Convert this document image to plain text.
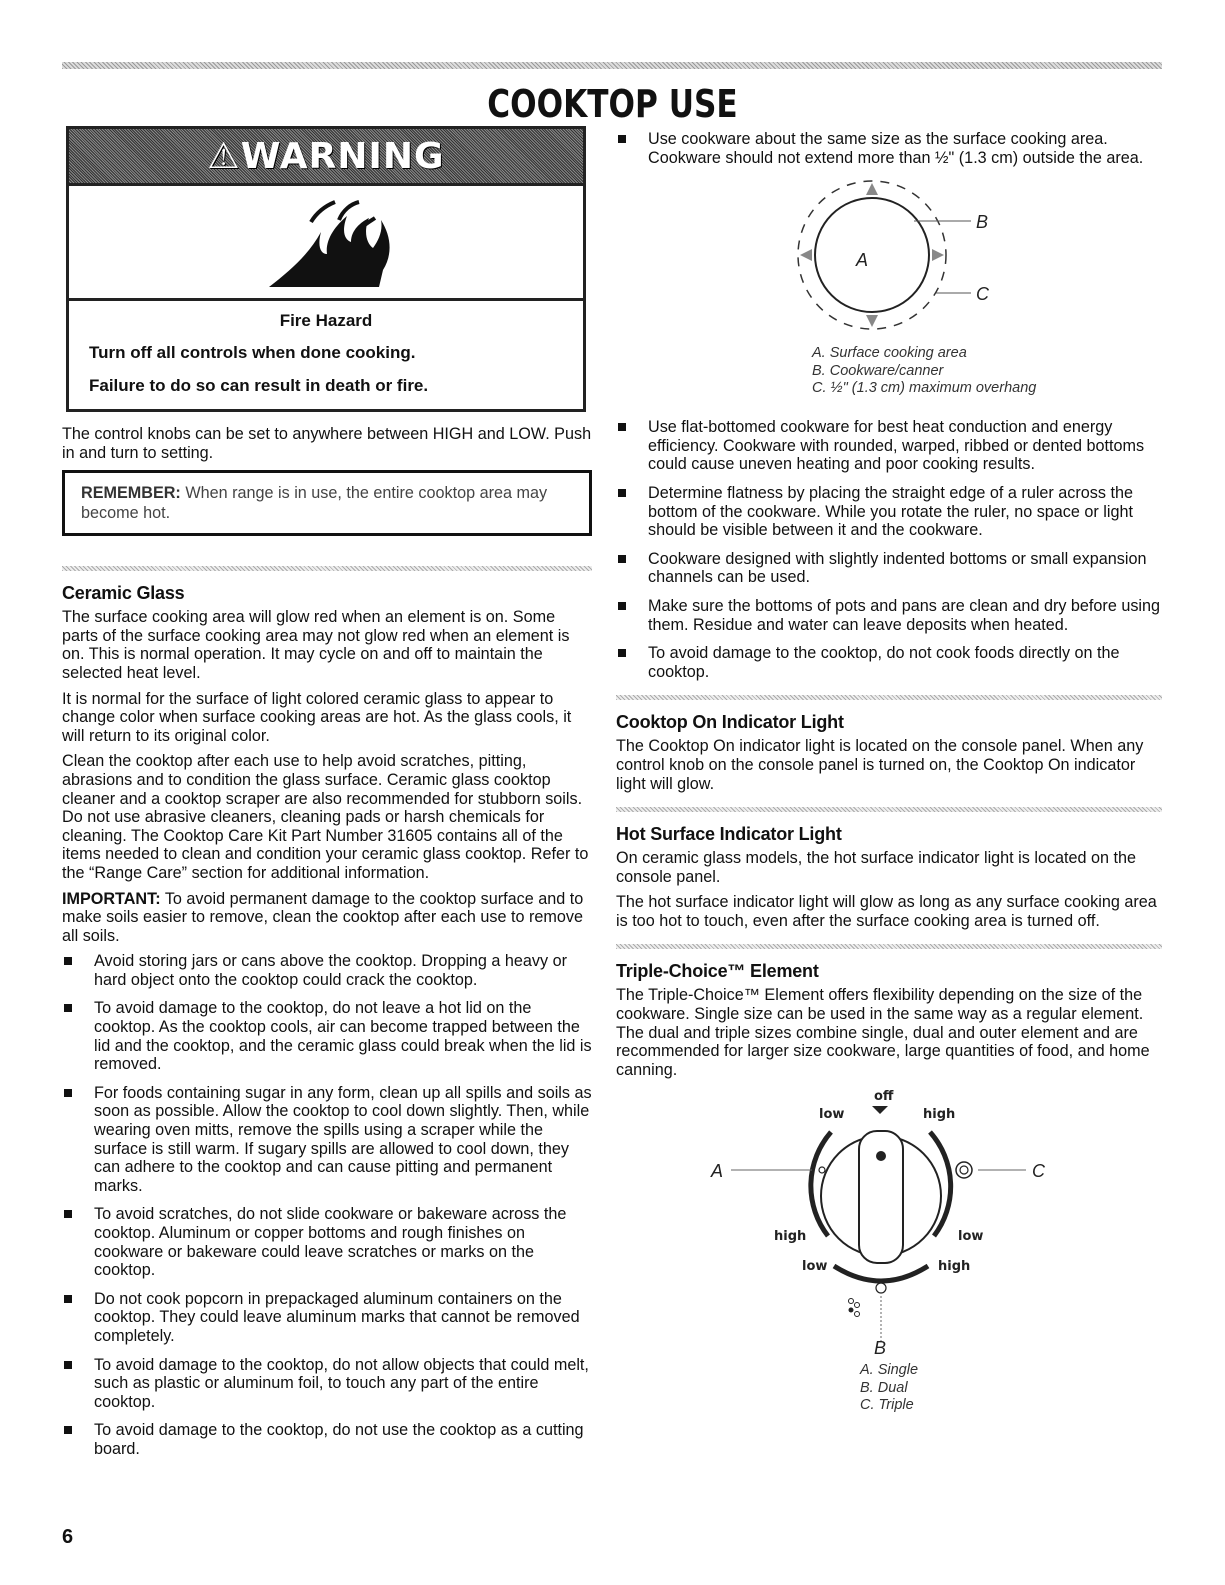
COOKTOP USE
⚠WARNING
Fire Hazard
Turn off all controls when done cooking.
Failure to do so can result in death or fire.

The control knobs can be set to anywhere between HIGH and LOW. Push in and turn to setting.

REMEMBER: When range is in use, the entire cooktop area may become hot.
Ceramic Glass

The surface cooking area will glow red when an element is on. Some parts of the surface cooking area may not glow red when an element is on. This is normal operation. It may cycle on and off to maintain the selected heat level.

It is normal for the surface of light colored ceramic glass to appear to change color when surface cooking areas are hot. As the glass cools, it will return to its original color.

Clean the cooktop after each use to help avoid scratches, pitting, abrasions and to condition the glass surface. Ceramic glass cooktop cleaner and a cooktop scraper are also recommended for stubborn soils. Do not use abrasive cleaners, cleaning pads or harsh chemicals for cleaning. The Cooktop Care Kit Part Number 31605 contains all of the items needed to clean and condition your ceramic glass cooktop. Refer to the “Range Care” section for additional information.

IMPORTANT: To avoid permanent damage to the cooktop surface and to make soils easier to remove, clean the cooktop after each use to remove all soils.

Avoid storing jars or cans above the cooktop. Dropping a heavy or hard object onto the cooktop could crack the cooktop.
To avoid damage to the cooktop, do not leave a hot lid on the cooktop. As the cooktop cools, air can become trapped between the lid and the cooktop, and the ceramic glass could break when the lid is removed.
For foods containing sugar in any form, clean up all spills and soils as soon as possible. Allow the cooktop to cool down slightly. Then, while wearing oven mitts, remove the spills using a scraper while the surface is still warm. If sugary spills are allowed to cool down, they can adhere to the cooktop and can cause pitting and permanent marks.
To avoid scratches, do not slide cookware or bakeware across the cooktop. Aluminum or copper bottoms and rough finishes on cookware or bakeware could leave scratches or marks on the cooktop.
Do not cook popcorn in prepackaged aluminum containers on the cooktop. They could leave aluminum marks that cannot be removed completely.
To avoid damage to the cooktop, do not allow objects that could melt, such as plastic or aluminum foil, to touch any part of the entire cooktop.
To avoid damage to the cooktop, do not use the cooktop as a cutting board.
Use cookware about the same size as the surface cooking area. Cookware should not extend more than ½" (1.3 cm) outside the area.
A
B
C
A. Surface cooking area
B. Cookware/canner
C. ½" (1.3 cm) maximum overhang
Use flat-bottomed cookware for best heat conduction and energy efficiency. Cookware with rounded, warped, ribbed or dented bottoms could cause uneven heating and poor cooking results.
Determine flatness by placing the straight edge of a ruler across the bottom of the cookware. While you rotate the ruler, no space or light should be visible between it and the cookware.
Cookware designed with slightly indented bottoms or small expansion channels can be used.
Make sure the bottoms of pots and pans are clean and dry before using them. Residue and water can leave deposits when heated.
To avoid damage to the cooktop, do not cook foods directly on the cooktop.
Cooktop On Indicator Light

The Cooktop On indicator light is located on the console panel. When any control knob on the console panel is turned on, the Cooktop On indicator light will glow.

Hot Surface Indicator Light

On ceramic glass models, the hot surface indicator light is located on the console panel.

The hot surface indicator light will glow as long as any surface cooking area is too hot to touch, even after the surface cooking area is turned off.

Triple-Choice™ Element

The Triple-Choice™ Element offers flexibility depending on the size of the cookware. Single size can be used in the same way as a regular element. The dual and triple sizes combine single, dual and outer element and are recommended for larger size cookware, large quantities of food, and home canning.

off
low	high
high	low
low	high
A	C
B
A. Single
B. Dual
C. Triple
6
